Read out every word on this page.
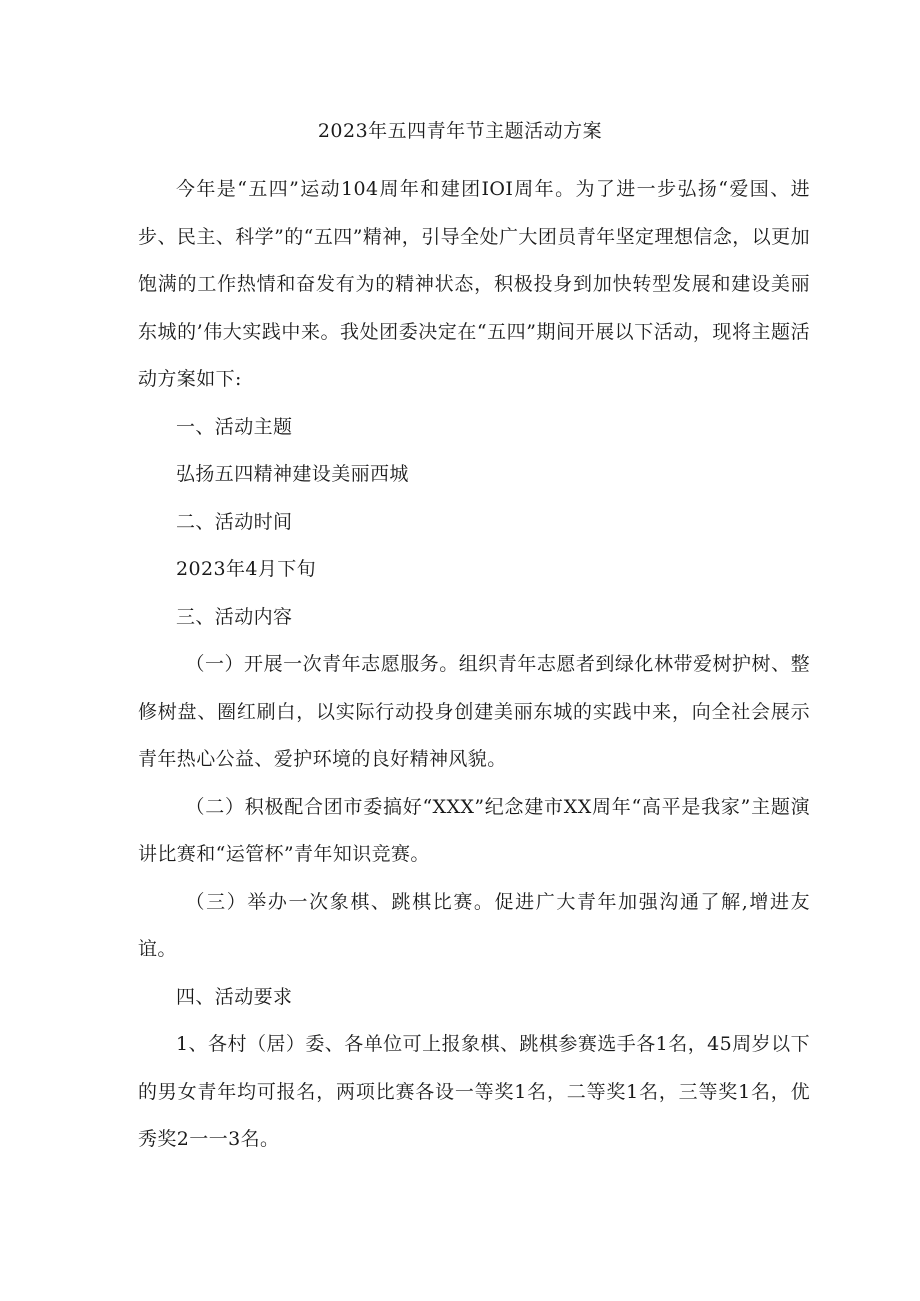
2023年五四青年节主题活动方案

今年是“五四”运动104周年和建团IOI周年。为了进一步弘扬“爱国、进步、民主、科学”的“五四”精神，引导全处广大团员青年坚定理想信念，以更加饱满的工作热情和奋发有为的精神状态，积极投身到加快转型发展和建设美丽东城的’伟大实践中来。我处团委决定在“五四”期间开展以下活动，现将主题活动方案如下:

一、活动主题

弘扬五四精神建设美丽西城

二、活动时间

2023年4月下旬

三、活动内容

（一）开展一次青年志愿服务。组织青年志愿者到绿化林带爱树护树、整修树盘、圈红刷白，以实际行动投身创建美丽东城的实践中来，向全社会展示青年热心公益、爱护环境的良好精神风貌。

（二）积极配合团市委搞好“XXX”纪念建市XX周年“高平是我家”主题演讲比赛和“运管杯”青年知识竞赛。

（三）举办一次象棋、跳棋比赛。促进广大青年加强沟通了解,增进友谊。

四、活动要求

1、各村（居）委、各单位可上报象棋、跳棋参赛选手各1名，45周岁以下的男女青年均可报名，两项比赛各设一等奖1名，二等奖1名，三等奖1名，优秀奖2一一3名。
